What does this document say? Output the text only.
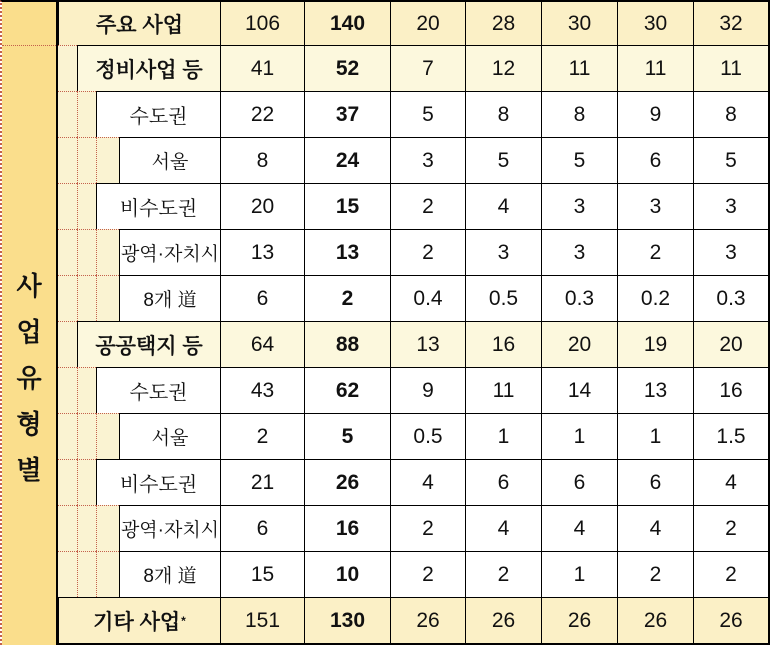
사
업
유
형
별
주요 사업	106	140	20	28	30	30	32
정비사업 등	41	52	7	12	11	11	11
수도권	22	37	5	8	8	9	8
서울	8	24	3	5	5	6	5
비수도권	20	15	2	4	3	3	3
광역·자치시	13	13	2	3	3	2	3
8개 道	6	2	0.4	0.5	0.3	0.2	0.3
공공택지 등	64	88	13	16	20	19	20
수도권	43	62	9	11	14	13	16
서울	2	5	0.5	1	1	1	1.5
비수도권	21	26	4	6	6	6	4
광역·자치시	6	16	2	4	4	4	2
8개 道	15	10	2	2	1	2	2
기타 사업 *	151	130	26	26	26	26	26
